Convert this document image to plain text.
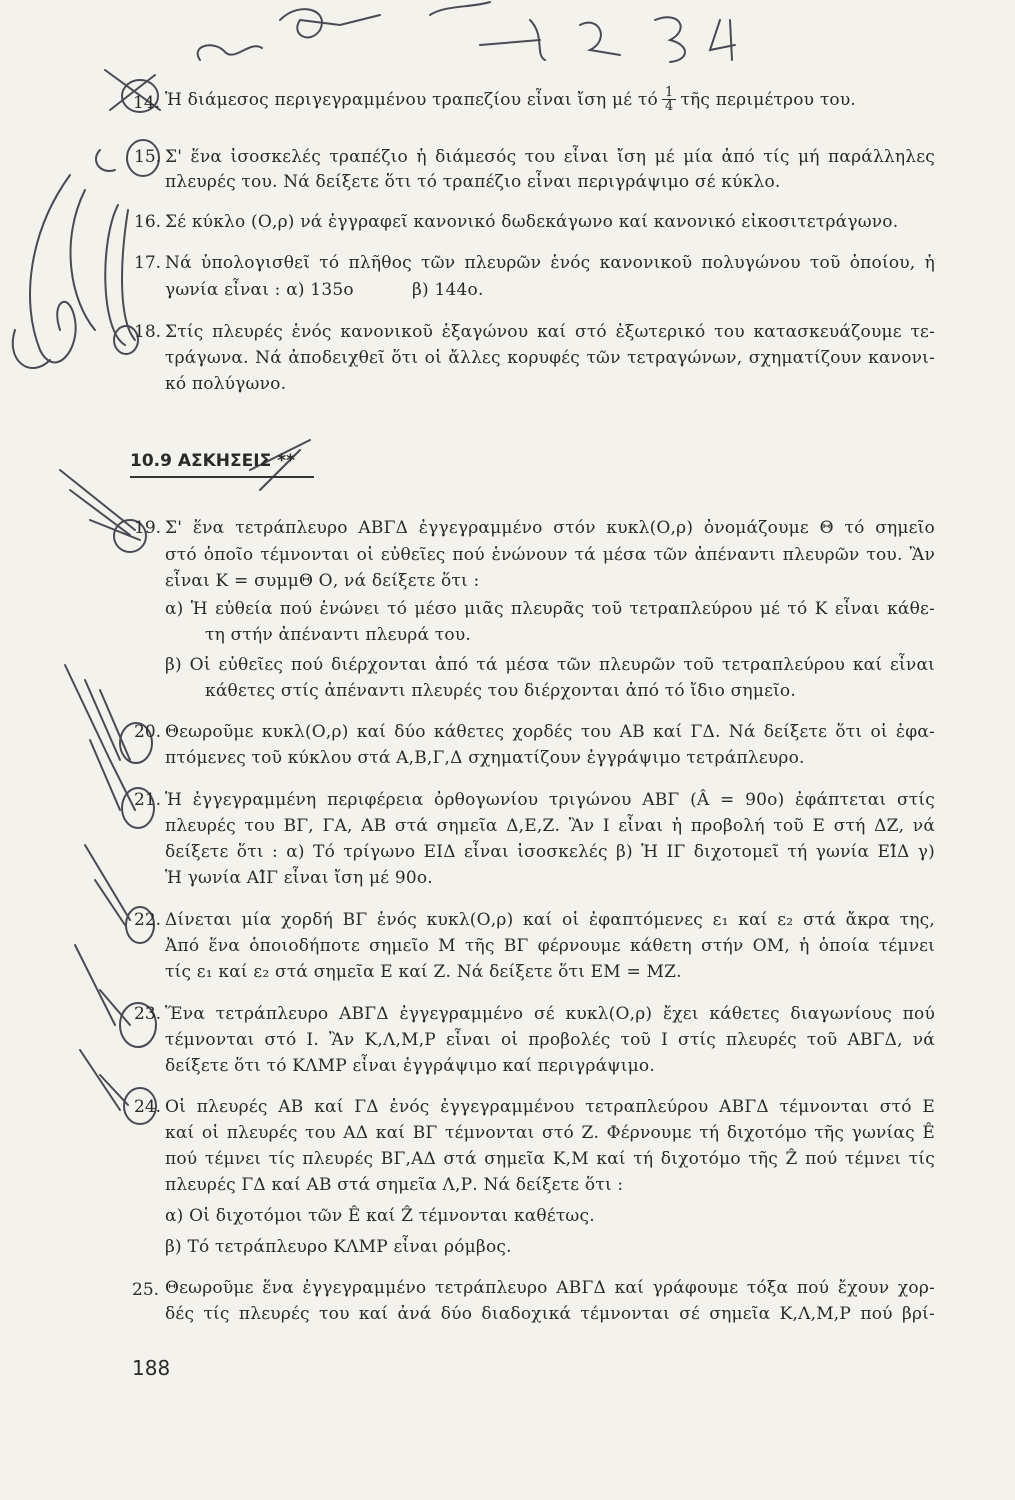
14. Ἡ διάμεσος περιγεγραμμένου τραπεζίου εἶναι ἴση μέ τό $\frac{1}{4}$ τῆς περιμέτρου του.
15. Σ' ἕνα ἰσοσκελές τραπέζιο ἡ διάμεσός του εἶναι ἴση μέ μία ἀπό τίς μή παράλληλες
πλευρές του. Νά δείξετε ὅτι τό τραπέζιο εἶναι περιγράψιμο σέ κύκλο.
16. Σέ κύκλο (Ο,ρ) νά ἐγγραφεῖ κανονικό δωδεκάγωνο καί κανονικό εἰκοσιτετράγωνο.
17. Νά ὑπολογισθεῖ τό πλῆθος τῶν πλευρῶν ἑνός κανονικοῦ πολυγώνου τοῦ ὁποίου, ἡ
γωνία εἶναι : α) 135ο	β) 144ο.
18. Στίς πλευρές ἑνός κανονικοῦ ἑξαγώνου καί στό ἐξωτερικό του κατασκευάζουμε τε-
τράγωνα. Νά ἀποδειχθεῖ ὅτι οἱ ἄλλες κορυφές τῶν τετραγώνων, σχηματίζουν κανονι-
κό πολύγωνο.
10.9 ΑΣΚΗΣΕΙΣ **
19. Σ' ἕνα τετράπλευρο ΑΒΓΔ ἐγγεγραμμένο στόν κυκλ(Ο,ρ) ὀνομάζουμε Θ τό σημεῖο
στό ὁποῖο τέμνονται οἱ εὐθεῖες πού ἑνώνουν τά μέσα τῶν ἀπέναντι πλευρῶν του. Ἂν
εἶναι Κ = συμμΘ Ο, νά δείξετε ὅτι :
α) Ἡ εὐθεία πού ἑνώνει τό μέσο μιᾶς πλευρᾶς τοῦ τετραπλεύρου μέ τό Κ εἶναι κάθε-
τη στήν ἀπέναντι πλευρά του.
β) Οἱ εὐθεῖες πού διέρχονται ἀπό τά μέσα τῶν πλευρῶν τοῦ τετραπλεύρου καί εἶναι
κάθετες στίς ἀπέναντι πλευρές του διέρχονται ἀπό τό ἴδιο σημεῖο.
20. Θεωροῦμε κυκλ(Ο,ρ) καί δύο κάθετες χορδές του ΑΒ καί ΓΔ. Νά δείξετε ὅτι οἱ ἐφα-
πτόμενες τοῦ κύκλου στά Α,Β,Γ,Δ σχηματίζουν ἐγγράψιμο τετράπλευρο.
21. Ἡ ἐγγεγραμμένη περιφέρεια ὀρθογωνίου τριγώνου ΑΒΓ (Â = 90ο) ἐφάπτεται στίς
πλευρές του ΒΓ, ΓΑ, ΑΒ στά σημεῖα Δ,Ε,Ζ. Ἂν Ι εἶναι ἡ προβολή τοῦ Ε στή ΔΖ, νά
δείξετε ὅτι : α) Τό τρίγωνο ΕΙΔ εἶναι ἰσοσκελές β) Ἡ ΙΓ διχοτομεῖ τή γωνία ΕΙ̂Δ γ)
Ἡ γωνία ΑΙ̂Γ εἶναι ἴση μέ 90ο.
22. Δίνεται μία χορδή ΒΓ ἑνός κυκλ(Ο,ρ) καί οἱ ἐφαπτόμενες ε₁ καί ε₂ στά ἄκρα της,
Ἀπό ἕνα ὁποιοδήποτε σημεῖο Μ τῆς ΒΓ φέρνουμε κάθετη στήν ΟΜ, ἡ ὁποία τέμνει
τίς ε₁ καί ε₂ στά σημεῖα Ε καί Ζ. Νά δείξετε ὅτι ΕΜ = ΜΖ.
23. Ἕνα τετράπλευρο ΑΒΓΔ ἐγγεγραμμένο σέ κυκλ(Ο,ρ) ἔχει κάθετες διαγωνίους πού
τέμνονται στό Ι. Ἂν Κ,Λ,Μ,Ρ εἶναι οἱ προβολές τοῦ Ι στίς πλευρές τοῦ ΑΒΓΔ, νά
δείξετε ὅτι τό ΚΛΜΡ εἶναι ἐγγράψιμο καί περιγράψιμο.
24. Οἱ πλευρές ΑΒ καί ΓΔ ἑνός ἐγγεγραμμένου τετραπλεύρου ΑΒΓΔ τέμνονται στό Ε
καί οἱ πλευρές του ΑΔ καί ΒΓ τέμνονται στό Ζ. Φέρνουμε τή διχοτόμο τῆς γωνίας Ê
πού τέμνει τίς πλευρές ΒΓ,ΑΔ στά σημεῖα Κ,Μ καί τή διχοτόμο τῆς Ẑ πού τέμνει τίς
πλευρές ΓΔ καί ΑΒ στά σημεῖα Λ,Ρ. Νά δείξετε ὅτι :
α) Οἱ διχοτόμοι τῶν Ê καί Ẑ τέμνονται καθέτως.
β) Τό τετράπλευρο ΚΛΜΡ εἶναι ρόμβος.
25. Θεωροῦμε ἕνα ἐγγεγραμμένο τετράπλευρο ΑΒΓΔ καί γράφουμε τόξα πού ἔχουν χορ-
δές τίς πλευρές του καί ἀνά δύο διαδοχικά τέμνονται σέ σημεῖα Κ,Λ,Μ,Ρ πού βρί-
188
